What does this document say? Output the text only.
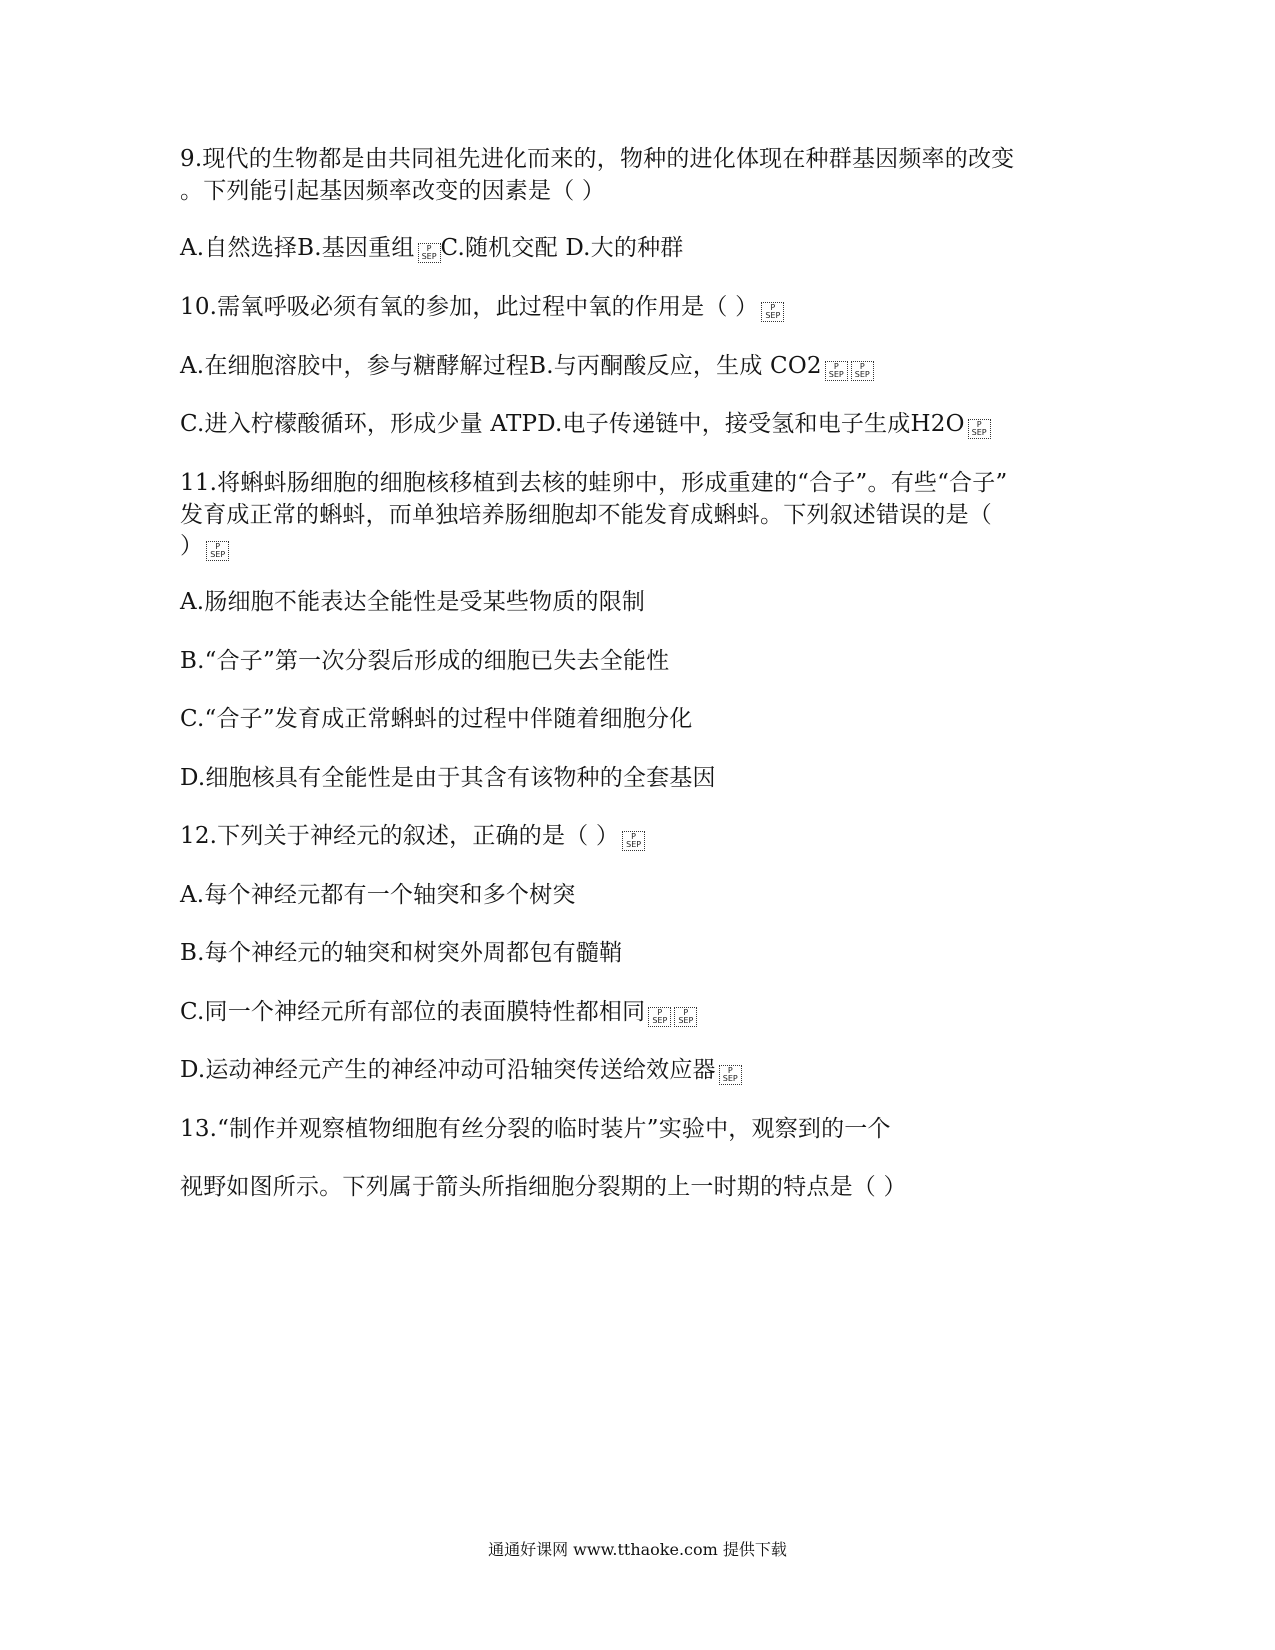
9.现代的生物都是由共同祖先进化而来的，物种的进化体现在种群基因频率的改变
。下列能引起基因频率改变的因素是（ ）
A.自然选择B.基因重组	P
SEP C.随机交配 D.大的种群
10.需氧呼吸必须有氧的参加，此过程中氧的作用是（ ）	P
SEP
A.在细胞溶胶中，参与糖酵解过程B.与丙酮酸反应，生成 CO2	P
SEP
P
SEP
C.进入柠檬酸循环，形成少量 ATPD.电子传递链中，接受氢和电子生成H2O	P
SEP
11.将蝌蚪肠细胞的细胞核移植到去核的蛙卵中，形成重建的“合子”。有些“合子”
发育成正常的蝌蚪，而单独培养肠细胞却不能发育成蝌蚪。下列叙述错误的是（
）	P
SEP
A.肠细胞不能表达全能性是受某些物质的限制
B.“合子”第一次分裂后形成的细胞已失去全能性
C.“合子”发育成正常蝌蚪的过程中伴随着细胞分化
D.细胞核具有全能性是由于其含有该物种的全套基因
12.下列关于神经元的叙述，正确的是（ ）	P
SEP
A.每个神经元都有一个轴突和多个树突
B.每个神经元的轴突和树突外周都包有髓鞘
C.同一个神经元所有部位的表面膜特性都相同	P
SEP
P
SEP
D.运动神经元产生的神经冲动可沿轴突传送给效应器	P
SEP
13.“制作并观察植物细胞有丝分裂的临时装片”实验中，观察到的一个
视野如图所示。下列属于箭头所指细胞分裂期的上一时期的特点是（ ）
通通好课网 www.tthaoke.com 提供下载
